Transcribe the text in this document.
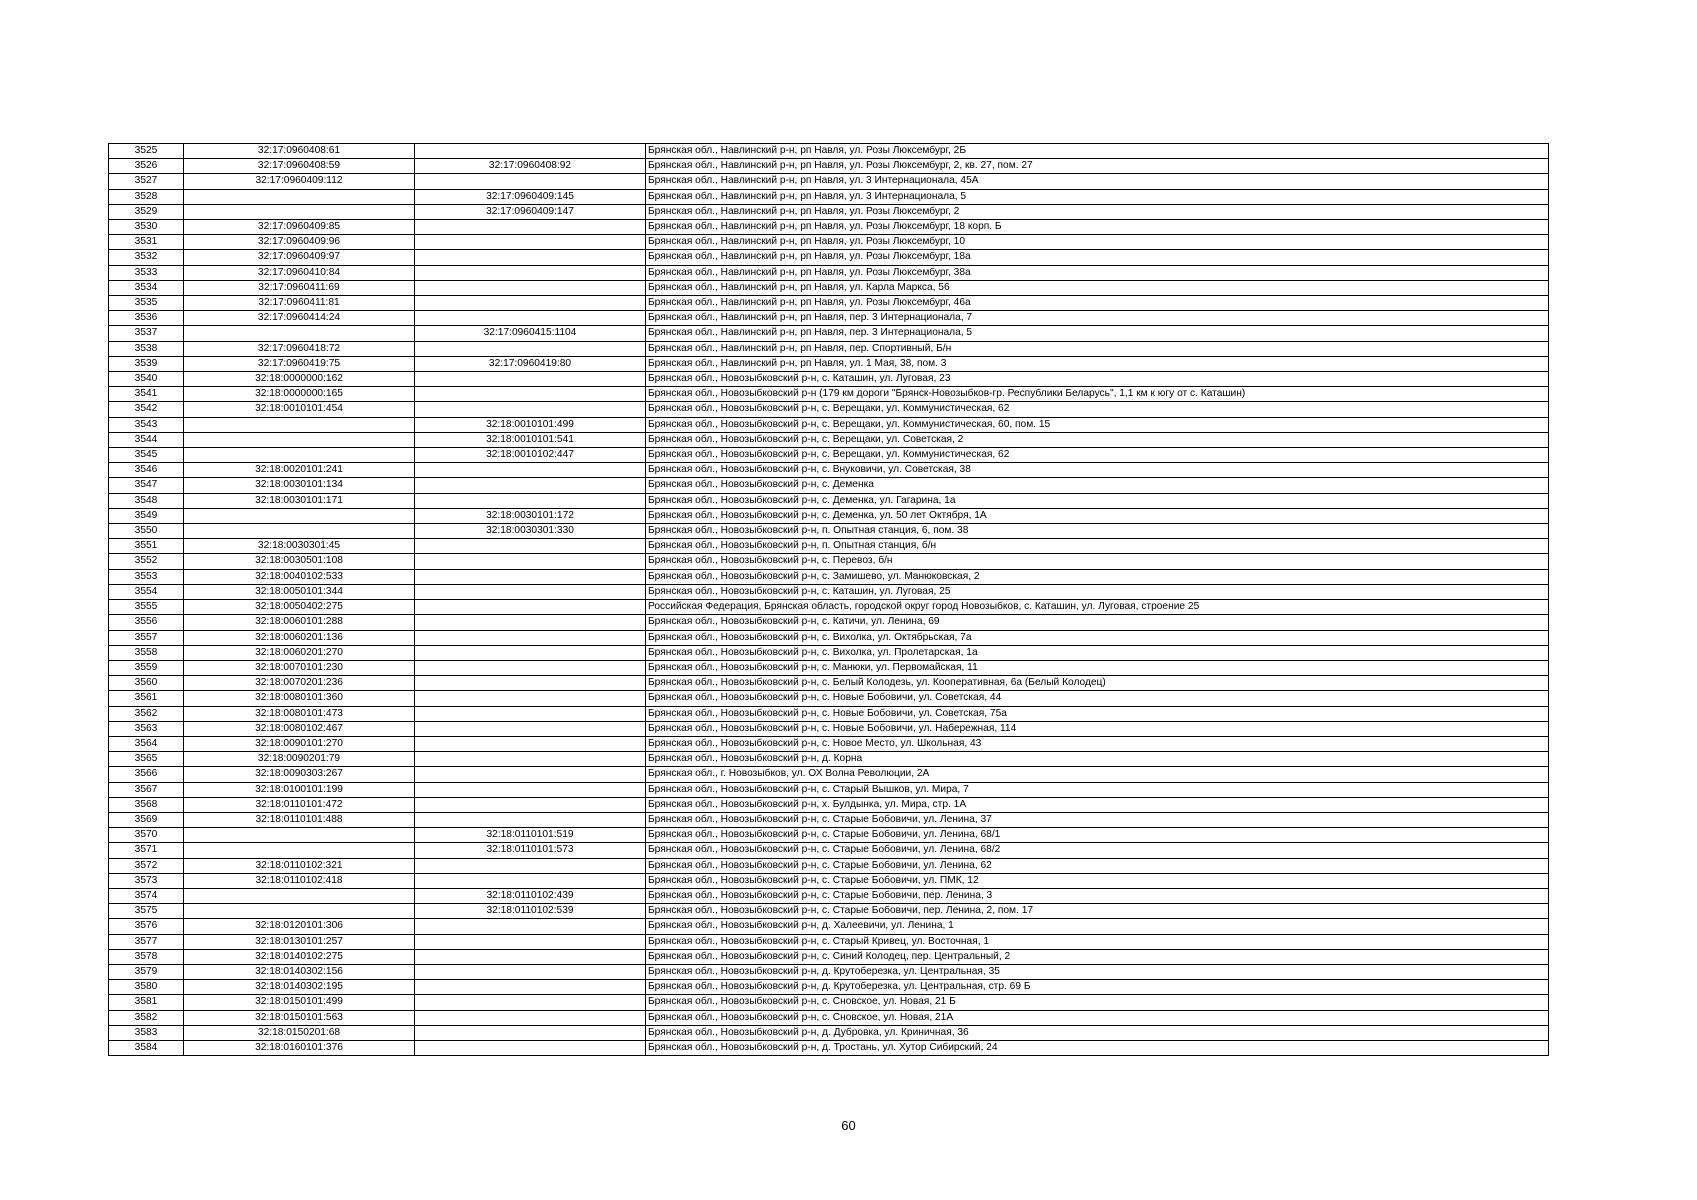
3525	32:17:0960408:61		Брянская обл., Навлинский р-н, рп Навля, ул. Розы Люксембург, 2Б
3526	32:17:0960408:59	32:17:0960408:92	Брянская обл., Навлинский р-н, рп Навля, ул. Розы Люксембург, 2, кв. 27, пом. 27
3527	32:17:0960409:112		Брянская обл., Навлинский р-н, рп Навля, ул. 3 Интернационала, 45А
3528		32:17:0960409:145	Брянская обл., Навлинский р-н, рп Навля, ул. 3 Интернационала, 5
3529		32:17:0960409:147	Брянская обл., Навлинский р-н, рп Навля, ул. Розы Люксембург, 2
3530	32:17:0960409:85		Брянская обл., Навлинский р-н, рп Навля, ул. Розы Люксембург, 18 корп. Б
3531	32:17:0960409:96		Брянская обл., Навлинский р-н, рп Навля, ул. Розы Люксембург, 10
3532	32:17:0960409:97		Брянская обл., Навлинский р-н, рп Навля, ул. Розы Люксембург, 18а
3533	32:17:0960410:84		Брянская обл., Навлинский р-н, рп Навля, ул. Розы Люксембург, 38а
3534	32:17:0960411:69		Брянская обл., Навлинский р-н, рп Навля, ул. Карла Маркса, 56
3535	32:17:0960411:81		Брянская обл., Навлинский р-н, рп Навля, ул. Розы Люксембург, 46а
3536	32:17:0960414:24		Брянская обл., Навлинский р-н, рп Навля, пер. 3 Интернационала, 7
3537		32:17:0960415:1104	Брянская обл., Навлинский р-н, рп Навля, пер. 3 Интернационала, 5
3538	32:17:0960418:72		Брянская обл., Навлинский р-н, рп Навля, пер. Спортивный, Б/н
3539	32:17:0960419:75	32:17:0960419:80	Брянская обл., Навлинский р-н, рп Навля, ул. 1 Мая, 38, пом. 3
3540	32:18:0000000:162		Брянская обл., Новозыбковский р-н, с. Каташин, ул. Луговая, 23
3541	32:18:0000000:165		Брянская обл., Новозыбковский р-н (179 км дороги "Брянск-Новозыбков-гр. Республики Беларусь", 1,1 км к югу от с. Каташин)
3542	32:18:0010101:454		Брянская обл., Новозыбковский р-н, с. Верещаки, ул. Коммунистическая, 62
3543		32:18:0010101:499	Брянская обл., Новозыбковский р-н, с. Верещаки, ул. Коммунистическая, 60, пом. 15
3544		32:18:0010101:541	Брянская обл., Новозыбковский р-н, с. Верещаки, ул. Советская, 2
3545		32:18:0010102:447	Брянская обл., Новозыбковский р-н, с. Верещаки, ул. Коммунистическая, 62
3546	32:18:0020101:241		Брянская обл., Новозыбковский р-н, с. Внуковичи, ул. Советская, 38
3547	32:18:0030101:134		Брянская обл., Новозыбковский р-н, с. Деменка
3548	32:18:0030101:171		Брянская обл., Новозыбковский р-н, с. Деменка, ул. Гагарина, 1а
3549		32:18:0030101:172	Брянская обл., Новозыбковский р-н, с. Деменка, ул. 50 лет Октября, 1А
3550		32:18:0030301:330	Брянская обл., Новозыбковский р-н, п. Опытная станция, 6, пом. 38
3551	32:18:0030301:45		Брянская обл., Новозыбковский р-н, п. Опытная станция, б/н
3552	32:18:0030501:108		Брянская обл., Новозыбковский р-н, с. Перевоз, б/н
3553	32:18:0040102:533		Брянская обл., Новозыбковский р-н, с. Замишево, ул. Манюковская, 2
3554	32:18:0050101:344		Брянская обл., Новозыбковский р-н, с. Каташин, ул. Луговая, 25
3555	32:18:0050402:275		Российская Федерация, Брянская область, городской округ город Новозыбков, с. Каташин, ул. Луговая, строение 25
3556	32:18:0060101:288		Брянская обл., Новозыбковский р-н, с. Катичи, ул. Ленина, 69
3557	32:18:0060201:136		Брянская обл., Новозыбковский р-н, с. Вихолка, ул. Октябрьская, 7а
3558	32:18:0060201:270		Брянская обл., Новозыбковский р-н, с. Вихолка, ул. Пролетарская, 1а
3559	32:18:0070101:230		Брянская обл., Новозыбковский р-н, с. Манюки, ул. Первомайская, 11
3560	32:18:0070201:236		Брянская обл., Новозыбковский р-н, с. Белый Колодезь, ул. Кооперативная, 6а (Белый Колодец)
3561	32:18:0080101:360		Брянская обл., Новозыбковский р-н, с. Новые Бобовичи, ул. Советская, 44
3562	32:18:0080101:473		Брянская обл., Новозыбковский р-н, с. Новые Бобовичи, ул. Советская, 75а
3563	32:18:0080102:467		Брянская обл., Новозыбковский р-н, с. Новые Бобовичи, ул. Набережная, 114
3564	32:18:0090101:270		Брянская обл., Новозыбковский р-н, с. Новое Место, ул. Школьная, 43
3565	32:18:0090201:79		Брянская обл., Новозыбковский р-н, д. Корна
3566	32:18:0090303:267		Брянская обл., г. Новозыбков, ул. ОХ Волна Революции, 2А
3567	32:18:0100101:199		Брянская обл., Новозыбковский р-н, с. Старый Вышков, ул. Мира, 7
3568	32:18:0110101:472		Брянская обл., Новозыбковский р-н, х. Булдынка, ул. Мира, стр. 1А
3569	32:18:0110101:488		Брянская обл., Новозыбковский р-н, с. Старые Бобовичи, ул. Ленина, 37
3570		32:18:0110101:519	Брянская обл., Новозыбковский р-н, с. Старые Бобовичи, ул. Ленина, 68/1
3571		32:18:0110101:573	Брянская обл., Новозыбковский р-н, с. Старые Бобовичи, ул. Ленина, 68/2
3572	32:18:0110102:321		Брянская обл., Новозыбковский р-н, с. Старые Бобовичи, ул. Ленина, 62
3573	32:18:0110102:418		Брянская обл., Новозыбковский р-н, с. Старые Бобовичи, ул. ПМК, 12
3574		32:18:0110102:439	Брянская обл., Новозыбковский р-н, с. Старые Бобовичи, пер. Ленина, 3
3575		32:18:0110102:539	Брянская обл., Новозыбковский р-н, с. Старые Бобовичи, пер. Ленина, 2, пом. 17
3576	32:18:0120101:306		Брянская обл., Новозыбковский р-н, д. Халеевичи, ул. Ленина, 1
3577	32:18:0130101:257		Брянская обл., Новозыбковский р-н, с. Старый Кривец, ул. Восточная, 1
3578	32:18:0140102:275		Брянская обл., Новозыбковский р-н, с. Синий Колодец, пер. Центральный, 2
3579	32:18:0140302:156		Брянская обл., Новозыбковский р-н, д. Крутоберезка, ул. Центральная, 35
3580	32:18:0140302:195		Брянская обл., Новозыбковский р-н, д. Крутоберезка, ул. Центральная, стр. 69 Б
3581	32:18:0150101:499		Брянская обл., Новозыбковский р-н, с. Сновское, ул. Новая, 21 Б
3582	32:18:0150101:563		Брянская обл., Новозыбковский р-н, с. Сновское, ул. Новая, 21А
3583	32:18:0150201:68		Брянская обл., Новозыбковский р-н, д. Дубровка, ул. Криничная, 36
3584	32:18:0160101:376		Брянская обл., Новозыбковский р-н, д. Тростань, ул. Хутор Сибирский, 24
60
